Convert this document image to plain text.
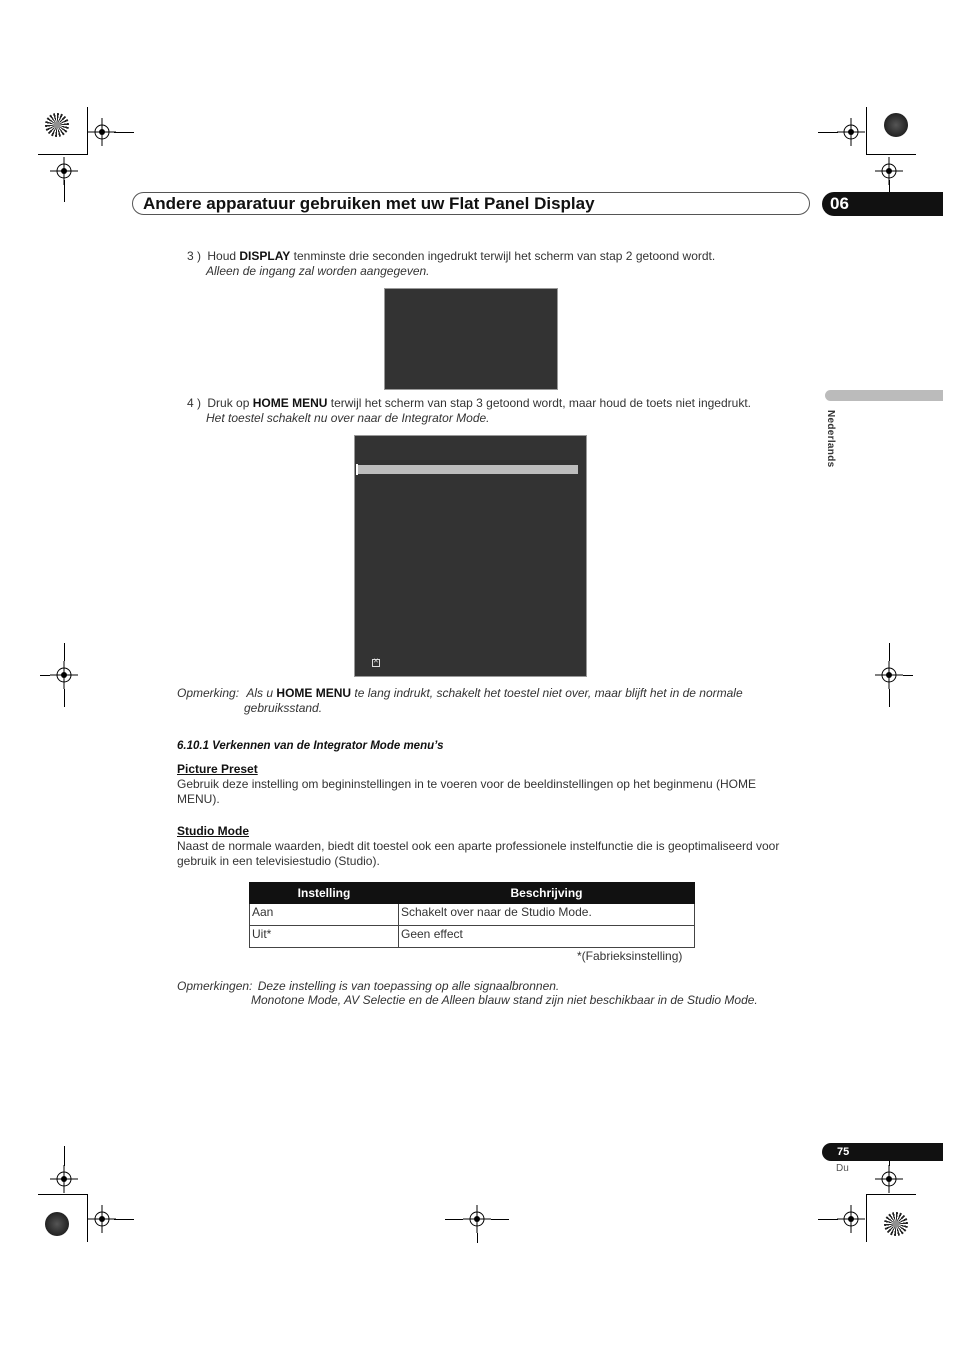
Andere apparatuur gebruiken met uw Flat Panel Display	06
Nederlands
3 ) Houd DISPLAY tenminste drie seconden ingedrukt terwijl het scherm van stap 2 getoond wordt.
Alleen de ingang zal worden aangegeven.
4 ) Druk op HOME MENU terwijl het scherm van stap 3 getoond wordt, maar houd de toets niet ingedrukt.
Het toestel schakelt nu over naar de Integrator Mode.
✕
Opmerking: Als u HOME MENU te lang indrukt, schakelt het toestel niet over, maar blijft het in de normale
gebruiksstand.
6.10.1 Verkennen van de Integrator Mode menu’s
Picture Preset
Gebruik deze instelling om begininstellingen in te voeren voor de beeldinstellingen op het beginmenu (HOME
MENU).
Studio Mode
Naast de normale waarden, biedt dit toestel ook een aparte professionele instelfunctie die is geoptimaliseerd voor
gebruik in een televisiestudio (Studio).
Instelling	Beschrijving
Aan	Schakelt over naar de Studio Mode.
Uit*	Geen effect
*(Fabrieksinstelling)
Opmerkingen: Deze instelling is van toepassing op alle signaalbronnen.
Monotone Mode, AV Selectie en de Alleen blauw stand zijn niet beschikbaar in de Studio Mode.
75
Du
